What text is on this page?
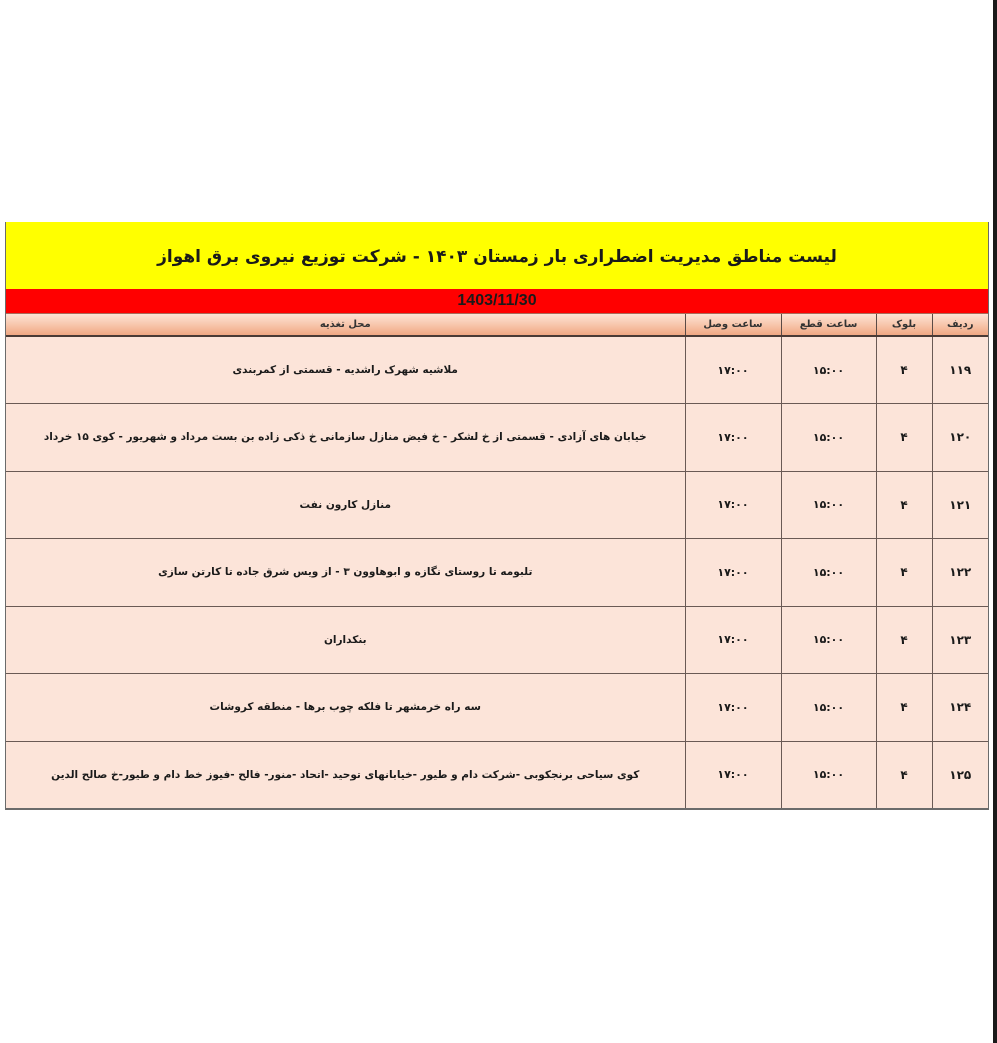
لیست مناطق مدیریت اضطراری بار زمستان ۱۴۰۳ - شرکت توزیع نیروی برق اهواز
1403/11/30
ردیف	بلوک	ساعت قطع	ساعت وصل	محل تغذیه
۱۱۹	۴	۱۵:۰۰	۱۷:۰۰	ملاشیه شهرک راشدیه - قسمتی از کمربندی
۱۲۰	۴	۱۵:۰۰	۱۷:۰۰	خیابان های آزادی - قسمتی از خ لشکر - خ فیض منازل سازمانی خ ذکی زاده بن بست مرداد و شهریور - کوی ۱۵ خرداد
۱۲۱	۴	۱۵:۰۰	۱۷:۰۰	منازل کارون نفت
۱۲۲	۴	۱۵:۰۰	۱۷:۰۰	تلبومه تا روستای نگازه و ابوهاوون ۳ - از ویس شرق جاده تا کارتن سازی
۱۲۳	۴	۱۵:۰۰	۱۷:۰۰	بنکداران
۱۲۴	۴	۱۵:۰۰	۱۷:۰۰	سه راه خرمشهر تا فلکه چوب برها - منطقه کروشات
۱۲۵	۴	۱۵:۰۰	۱۷:۰۰	کوی سیاحی برنجکوبی -شرکت دام و طیور -خیابانهای توحید -اتحاد -منور- فالح -فیوز خط دام و طیور-خ صالح الدین
